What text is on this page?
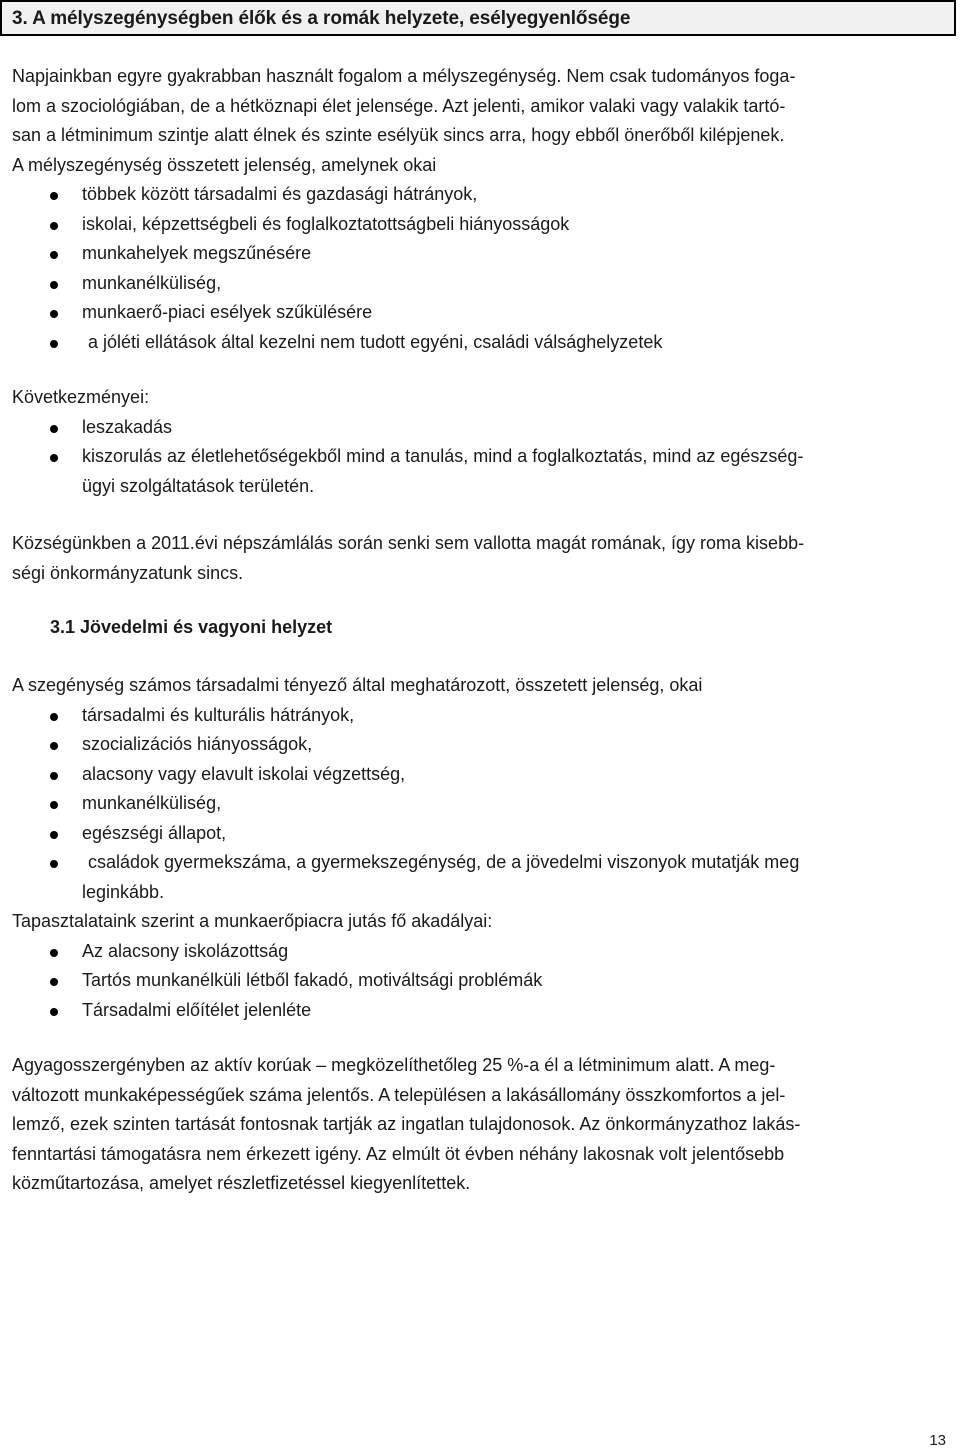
3. A mélyszegénységben élők és a romák helyzete, esélyegyenlősége
Napjainkban egyre gyakrabban használt fogalom a mélyszegénység. Nem csak tudományos foga-
lom a szociológiában, de a hétköznapi élet jelensége. Azt jelenti, amikor valaki vagy valakik tartó-
san a létminimum szintje alatt élnek és szinte esélyük sincs arra, hogy ebből önerőből kilépjenek.
A mélyszegénység összetett jelenség, amelynek okai
többek között társadalmi és gazdasági hátrányok,
iskolai, képzettségbeli és foglalkoztatottságbeli hiányosságok
munkahelyek megszűnésére
munkanélküliség,
munkaerő-piaci esélyek szűkülésére
a jóléti ellátások által kezelni nem tudott egyéni, családi válsághelyzetek

Következményei:

leszakadás
kiszorulás az életlehetőségekből mind a tanulás, mind a foglalkoztatás, mind az egészség-
ügyi szolgáltatások területén.
Községünkben a 2011.évi népszámlálás során senki sem vallotta magát romának, így roma kisebb-
ségi önkormányzatunk sincs.
3.1 Jövedelmi és vagyoni helyzet

A szegénység számos társadalmi tényező által meghatározott, összetett jelenség, okai

társadalmi és kulturális hátrányok,
szocializációs hiányosságok,
alacsony vagy elavult iskolai végzettség,
munkanélküliség,
egészségi állapot,
családok gyermekszáma, a gyermekszegénység, de a jövedelmi viszonyok mutatják meg
leginkább.

Tapasztalataink szerint a munkaerőpiacra jutás fő akadályai:

Az alacsony iskolázottság
Tartós munkanélküli létből fakadó, motiváltsági problémák
Társadalmi előítélet jelenléte
Agyagosszergényben az aktív korúak – megközelíthetőleg 25 %-a él a létminimum alatt. A meg-
változott munkaképességűek száma jelentős. A településen a lakásállomány összkomfortos a jel-
lemző, ezek szinten tartását fontosnak tartják az ingatlan tulajdonosok. Az önkormányzathoz lakás-
fenntartási támogatásra nem érkezett igény. Az elmúlt öt évben néhány lakosnak volt jelentősebb
közműtartozása, amelyet részletfizetéssel kiegyenlítettek.
13
